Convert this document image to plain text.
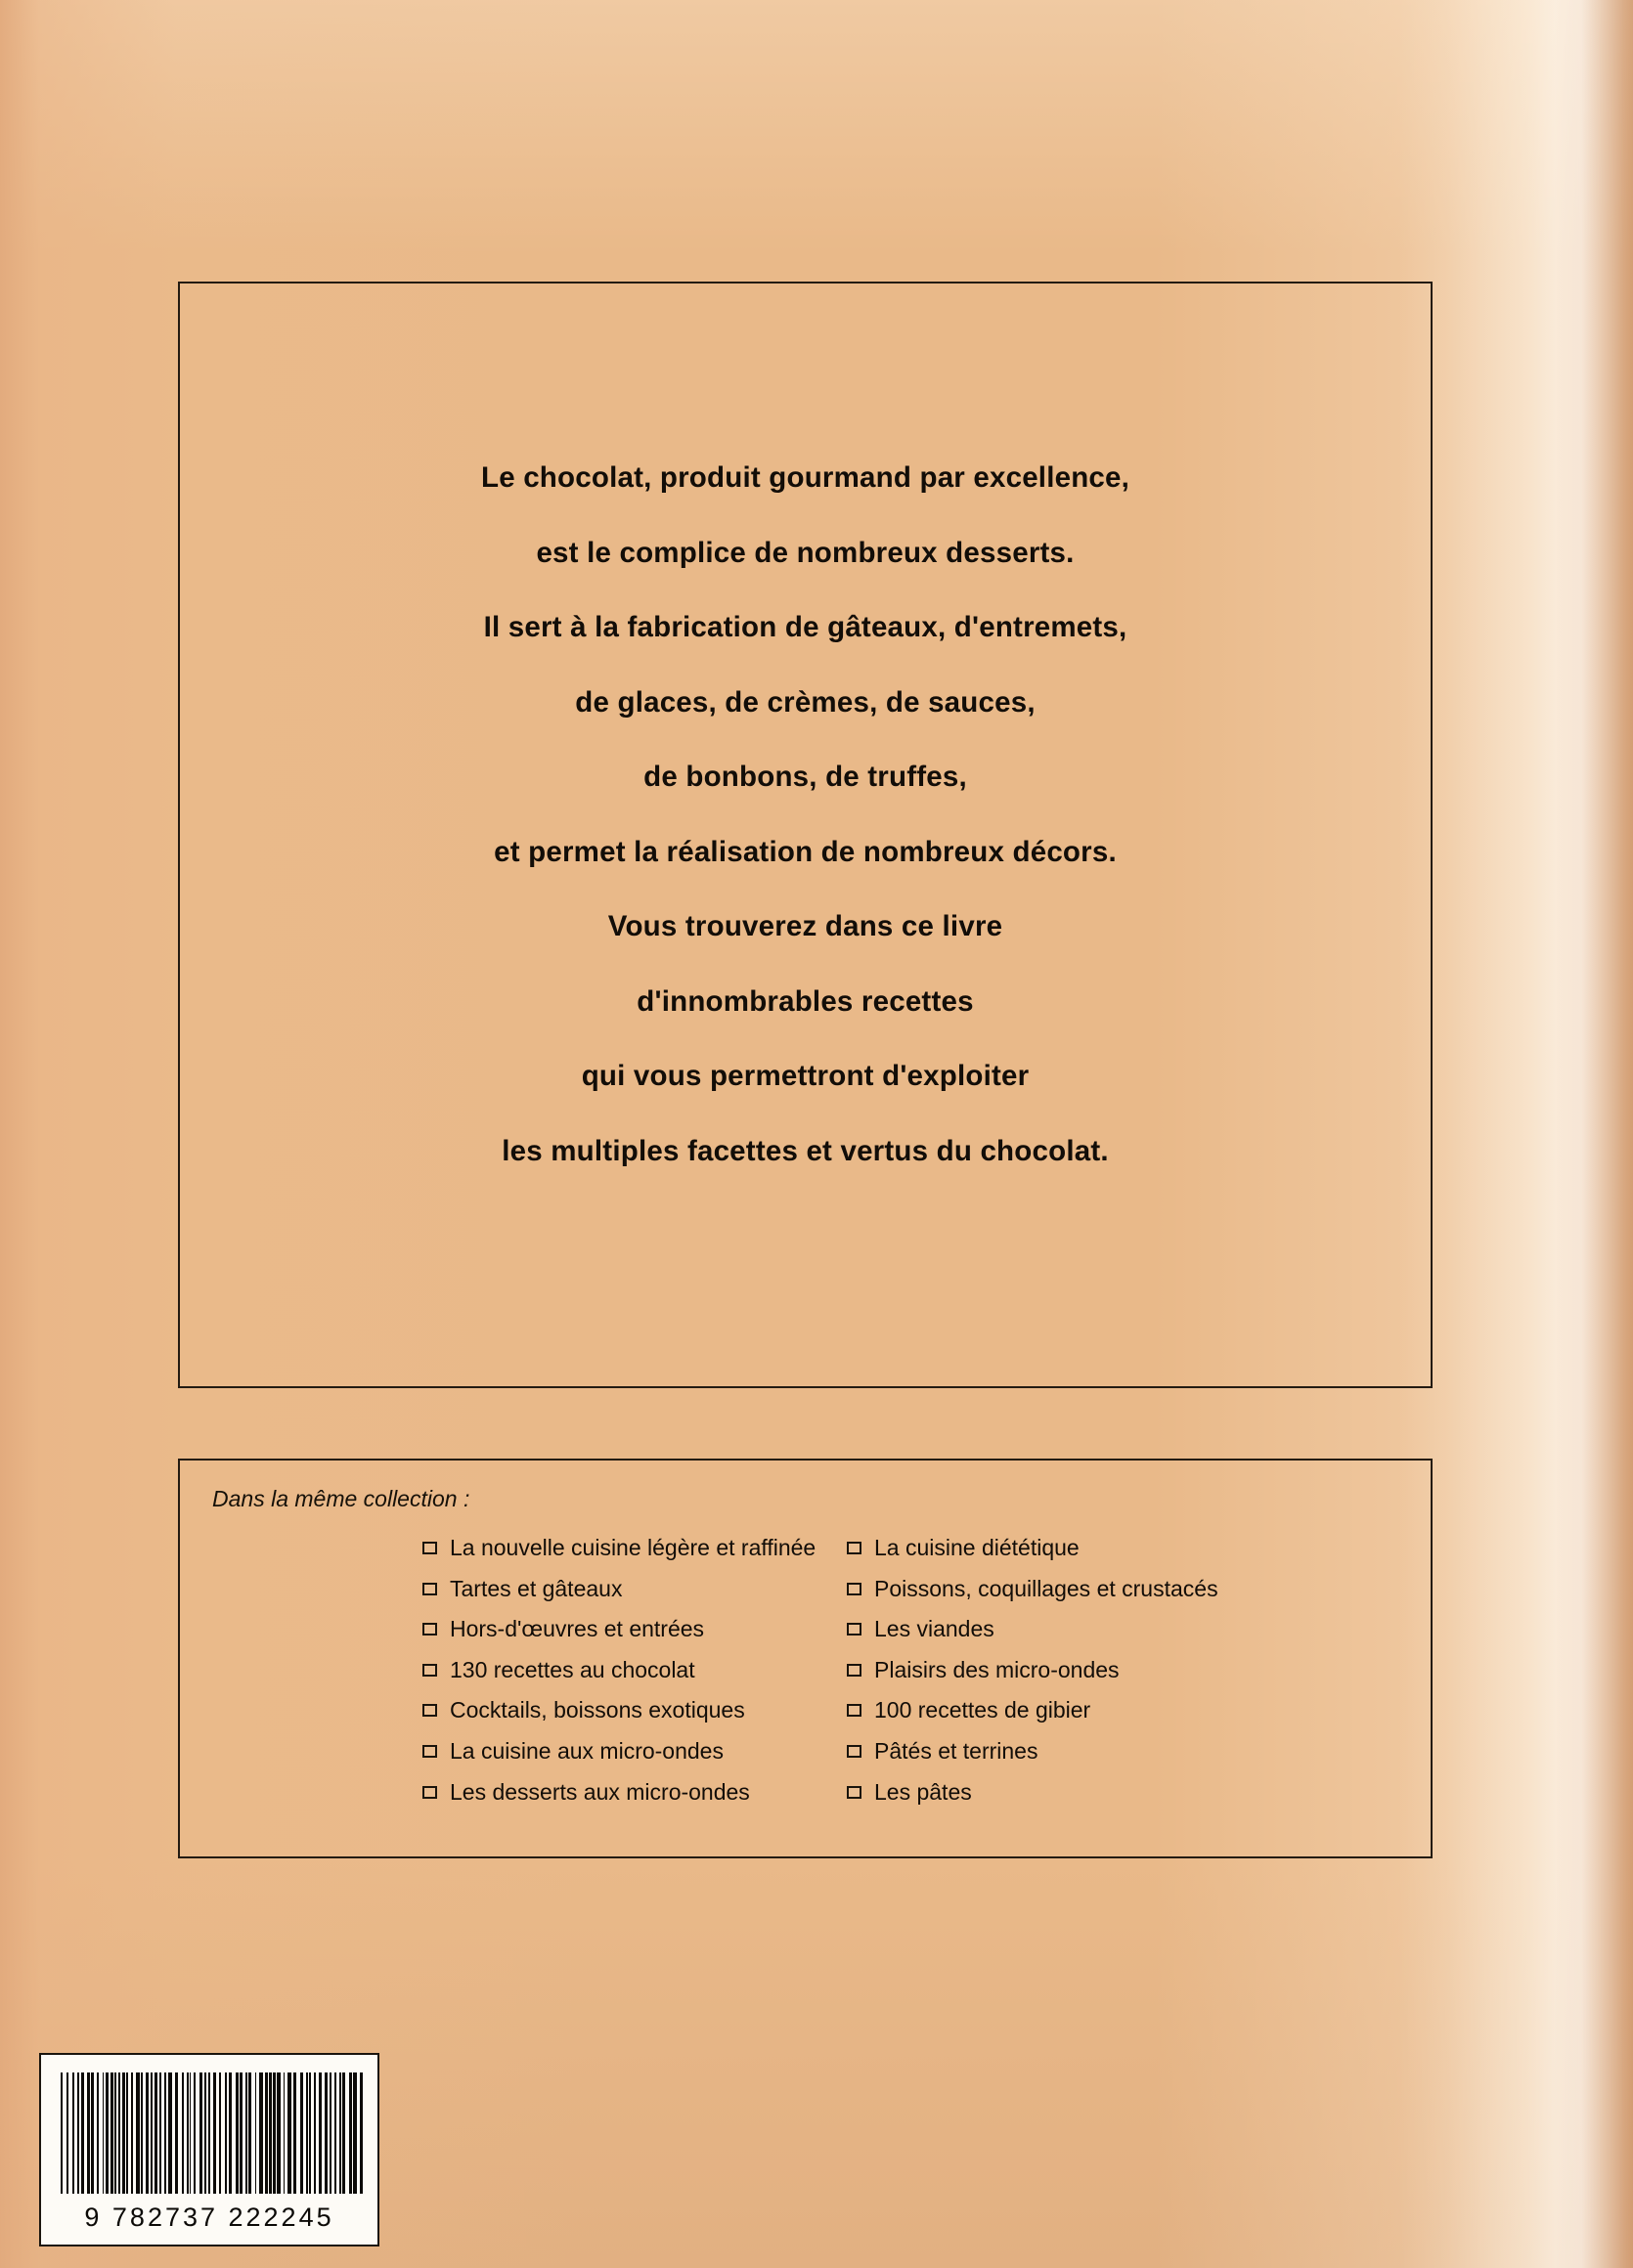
Le chocolat, produit gourmand par excellence,

est le complice de nombreux desserts.

Il sert à la fabrication de gâteaux, d'entremets,

de glaces, de crèmes, de sauces,

de bonbons, de truffes,

et permet la réalisation de nombreux décors.

Vous trouverez dans ce livre

d'innombrables recettes

qui vous permettront d'exploiter

les multiples facettes et vertus du chocolat.

Dans la même collection :
La nouvelle cuisine légère et raffinée
Tartes et gâteaux
Hors-d'œuvres et entrées
130 recettes au chocolat
Cocktails, boissons exotiques
La cuisine aux micro-ondes
Les desserts aux micro-ondes
La cuisine diététique
Poissons, coquillages et crustacés
Les viandes
Plaisirs des micro-ondes
100 recettes de gibier
Pâtés et terrines
Les pâtes
9 782737 222245
